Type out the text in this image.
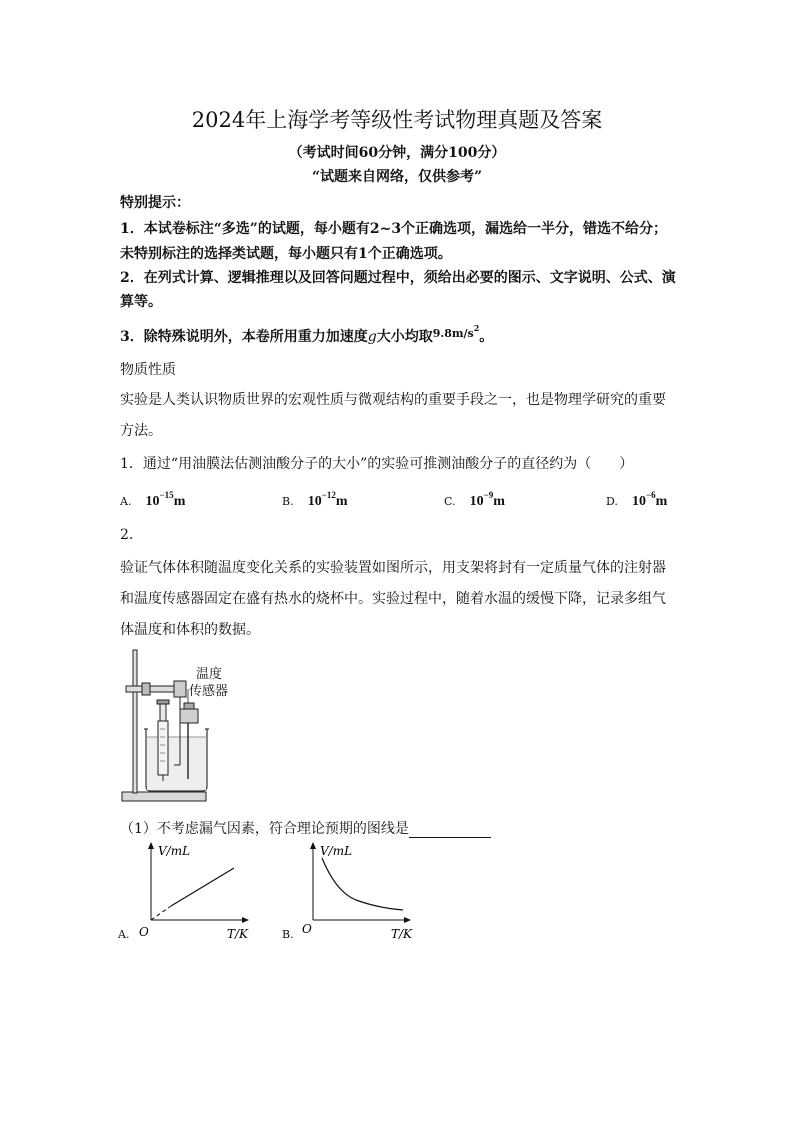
2024年上海学考等级性考试物理真题及答案
（考试时间60分钟，满分100分）
“试题来自网络，仅供参考”
特别提示：
1．本试卷标注“多选”的试题，每小题有2~3个正确选项，漏选给一半分，错选不给分；
未特别标注的选择类试题，每小题只有1个正确选项。
2．在列式计算、逻辑推理以及回答问题过程中，须给出必要的图示、文字说明、公式、演
算等。
3．除特殊说明外，本卷所用重力加速度g大小均取$^{9.8m/s2}$。
物质性质
实验是人类认识物质世界的宏观性质与微观结构的重要手段之一，也是物理学研究的重要
方法。
1．通过“用油膜法估测油酸分子的大小”的实验可推测油酸分子的直径约为（　　）
A. $10^{-15}m$	B. $10^{-12}m$	C. $10^{-9}m$	D. $10^{-6}m$
2.
验证气体体积随温度变化关系的实验装置如图所示，用支架将封有一定质量气体的注射器
和温度传感器固定在盛有热水的烧杯中。实验过程中，随着水温的缓慢下降，记录多组气
体温度和体积的数据。
温度
传感器
（1）不考虑漏气因素，符合理论预期的图线是
A.
V/mL
T/K
O	B.
V/mL
T/K
O
